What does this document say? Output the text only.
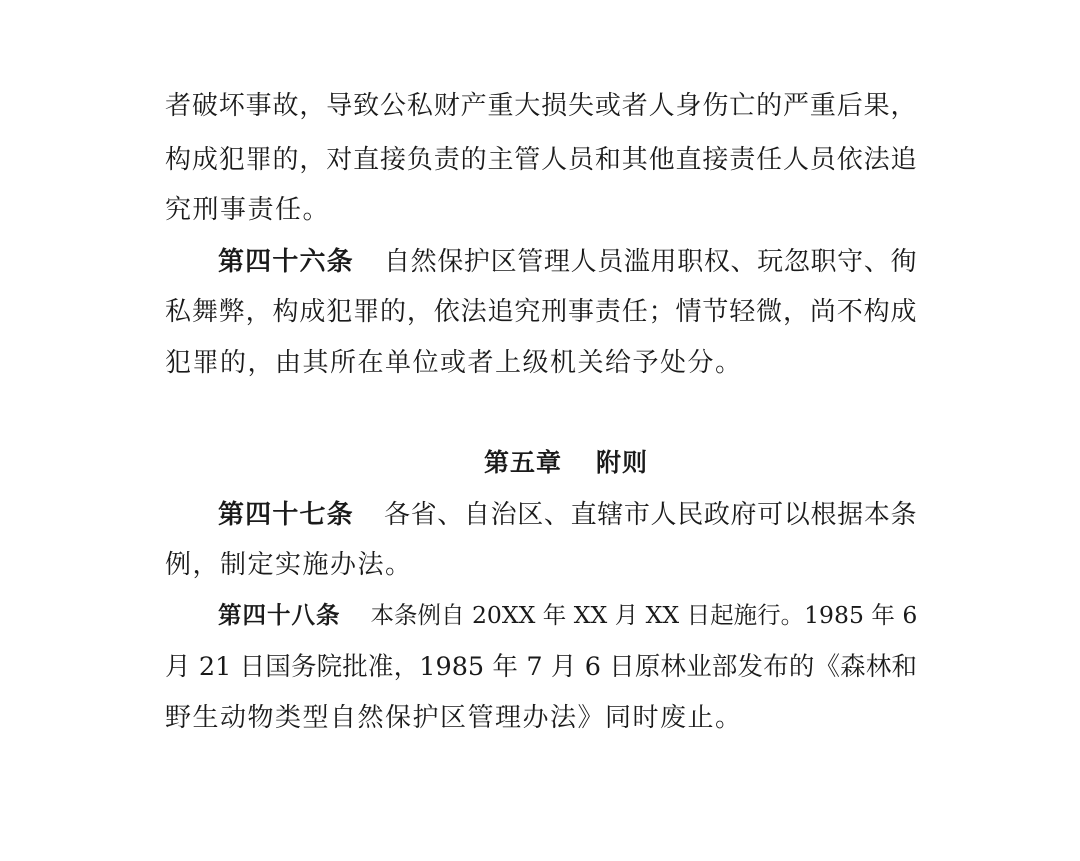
者破坏事故，导致公私财产重大损失或者人身伤亡的严重后果，
构成犯罪的，对直接负责的主管人员和其他直接责任人员依法追
究刑事责任。
第四十六条 自然保护区管理人员滥用职权、玩忽职守、徇
私舞弊，构成犯罪的，依法追究刑事责任；情节轻微，尚不构成
犯罪的，由其所在单位或者上级机关给予处分。
第五章 附则
第四十七条 各省、自治区、直辖市人民政府可以根据本条
例，制定实施办法。
第四十八条 本条例自 20XX 年 XX 月 XX 日起施行。1985 年 6
月 21 日国务院批准，1985 年 7 月 6 日原林业部发布的《森林和
野生动物类型自然保护区管理办法》同时废止。
